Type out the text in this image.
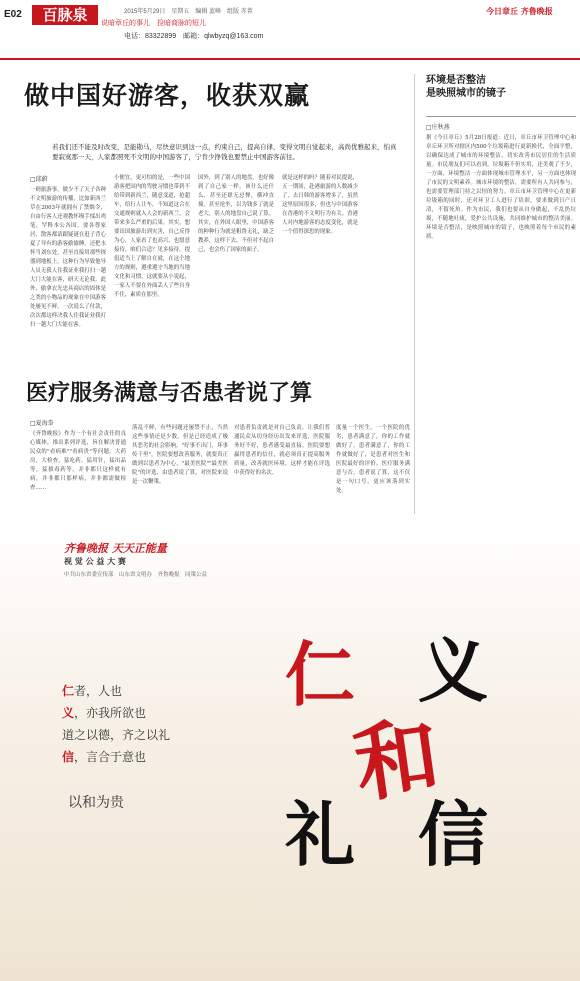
E02	百脉泉	说暗章丘的事儿　捡暗商脉的短儿
2015年5月29日　星期五　编辑 蓝峰　组版 赤菁
电话：83322899　邮箱：qlwbyzq@163.com
今日章丘 齐鲁晚报
做中国好游客，收获双赢
若我们还不能及时改变，是能勘马，尽快意识到这一点，约束自己，提高自律，变得文明自觉起来，高尚优雅起来，怕真要寂寞那一天，人家都照死不文明的中国游客了，宁肯少挣钱也要禁止中国游客前往。
□邱蔚
一则旅游事，做少不了天子各种不文明旅游的传播，比如新西兰草在2003年就拥有了禁烟令，自由行客人还观教怀缦手揉出鸡笔，罕释本公各国，要各尊家居，散客都请跟疑谜在逛子背心夏了导有的游客偷偷睡，还把水怀当刘东处，甚至直接用那些探器到地板上，这种行为导致他导人员无我人住我证业我打扫一趟大门大能在客，研天无论我。此外，偷拿衣光忠具商店的固体是之类的小物品的现象在中国游客处屡见不鲜，一次说么了付款，次次都这样决我人住我证业我打扫一趟大门大能在客。
小便宜，更可怕的是，一些中国游客把国内的驾驶习惯也带到不给带到新西兰，随意变道，抢超车，给行人让车，不知道这合在交通规则就入人会的新西兰，会带来多么严重的后果。其实，想要出国旅游出到灾害，自己反得为心，人家看了也高兴，也愿意接待，咱们合适？见多接待，提倡适当上了解自在就，在这个地方的规则，遵重遵守当地的当地文化和习惯，这就要从小说起，一家人不要在外面丢人了些自身不住，素质在那里。
国外，到了别人的地盘，也好像到了自己家一样，该什么还什么，甚至还肆无忌惮，横冲直撞，甚至抢坐，以为钱多了就是老大，别人的地盘自己说了算。其实，在外国人眼里，中国游客的种种行为就是粗鲁无礼，缺乏教养，这样下去，不但对不起自己，也会伤了国家的面子。
就是这样的吗？随着对民提说，五一期间，赴港旅游的人数减少了，去日韩的游客增多了，虽然这里原因很多，但也与中国游客在香港的不文明行为有关。香港人对内地游客的态度变化，就是一个值得深思的现象。
环境是否整洁
是映照城市的镜子
□庄秋燕
据《今日章丘》5月28日报道：近日，章丘市环卫管理中心和章丘环卫所对辖区内500个垃圾箱进行更新换代，全面平整，以确保达成了城市的环境整洁，切实改善市民居住的生活质量。市民朋友们可以看到，垃圾箱不但实用，还美观了不少，一方面，环境整洁一方面体现城市管理水平，另一方面也体现了市民的文明素养。城市环境的整洁，需要所有人共同参与，也需要管理部门持之以恒的努力。章丘市环卫管理中心在更新垃圾箱的同时，还对环卫工人进行了培训，要求做到日产日清，不留死角。作为市民，我们也要从自身做起，不乱扔垃圾，不随地吐痰，爱护公共设施，共同维护城市的整洁美丽。环境是否整洁，是映照城市的镜子，也映照着每个市民的素质。
医疗服务满意与否患者说了算
□夏海拳
《齐鲁晚报》作为一个有社会责任的良心媒体，推出系列评选，旨在解决普通民众的"看病难""看病贵"等问题。大药房，大检查，猛吃药，猛用针，猛出品等，猛拔毒药等，并非都只这样就有病，并非都只那样病，并非都需做检查……
落乱不鲜，有些问题还屡禁不止，当然这些事情还是少数，但是已经造成了极其恶劣的社会影响。"好事不出门，坏事传千里"，医院要想改善服务，就要真正做到以患者为中心，"最美医院""最差医院"的评选，由患者说了算，对医院来说是一次鞭策。
对患者负责就是对自己负责，让我们普通民众从切身经历出发来评选，医院服务好不好，患者感受最直接。医院要想赢得患者的信任，就必须真正提高服务质量，改善就医环境，这样才能在评选中获得好的名次。
度量一个医生，一个医院的优劣，患者满意了，你的工作就做好了。患者满意了，你的工作就做好了，是患者对医生和医院最好的评价。医疗服务满意与否，患者说了算，这不仅是一句口号，更应该落到实处。
齐鲁晚报 天天正能量
视 觉 公 益 大 赛
中共山东省委宣传部　山东省文明办　齐鲁晚报　同策公益
仁者，人也
义，亦我所欲也
道之以德，齐之以礼
信，言合于意也
以和为贵
仁 义
和
礼 信
